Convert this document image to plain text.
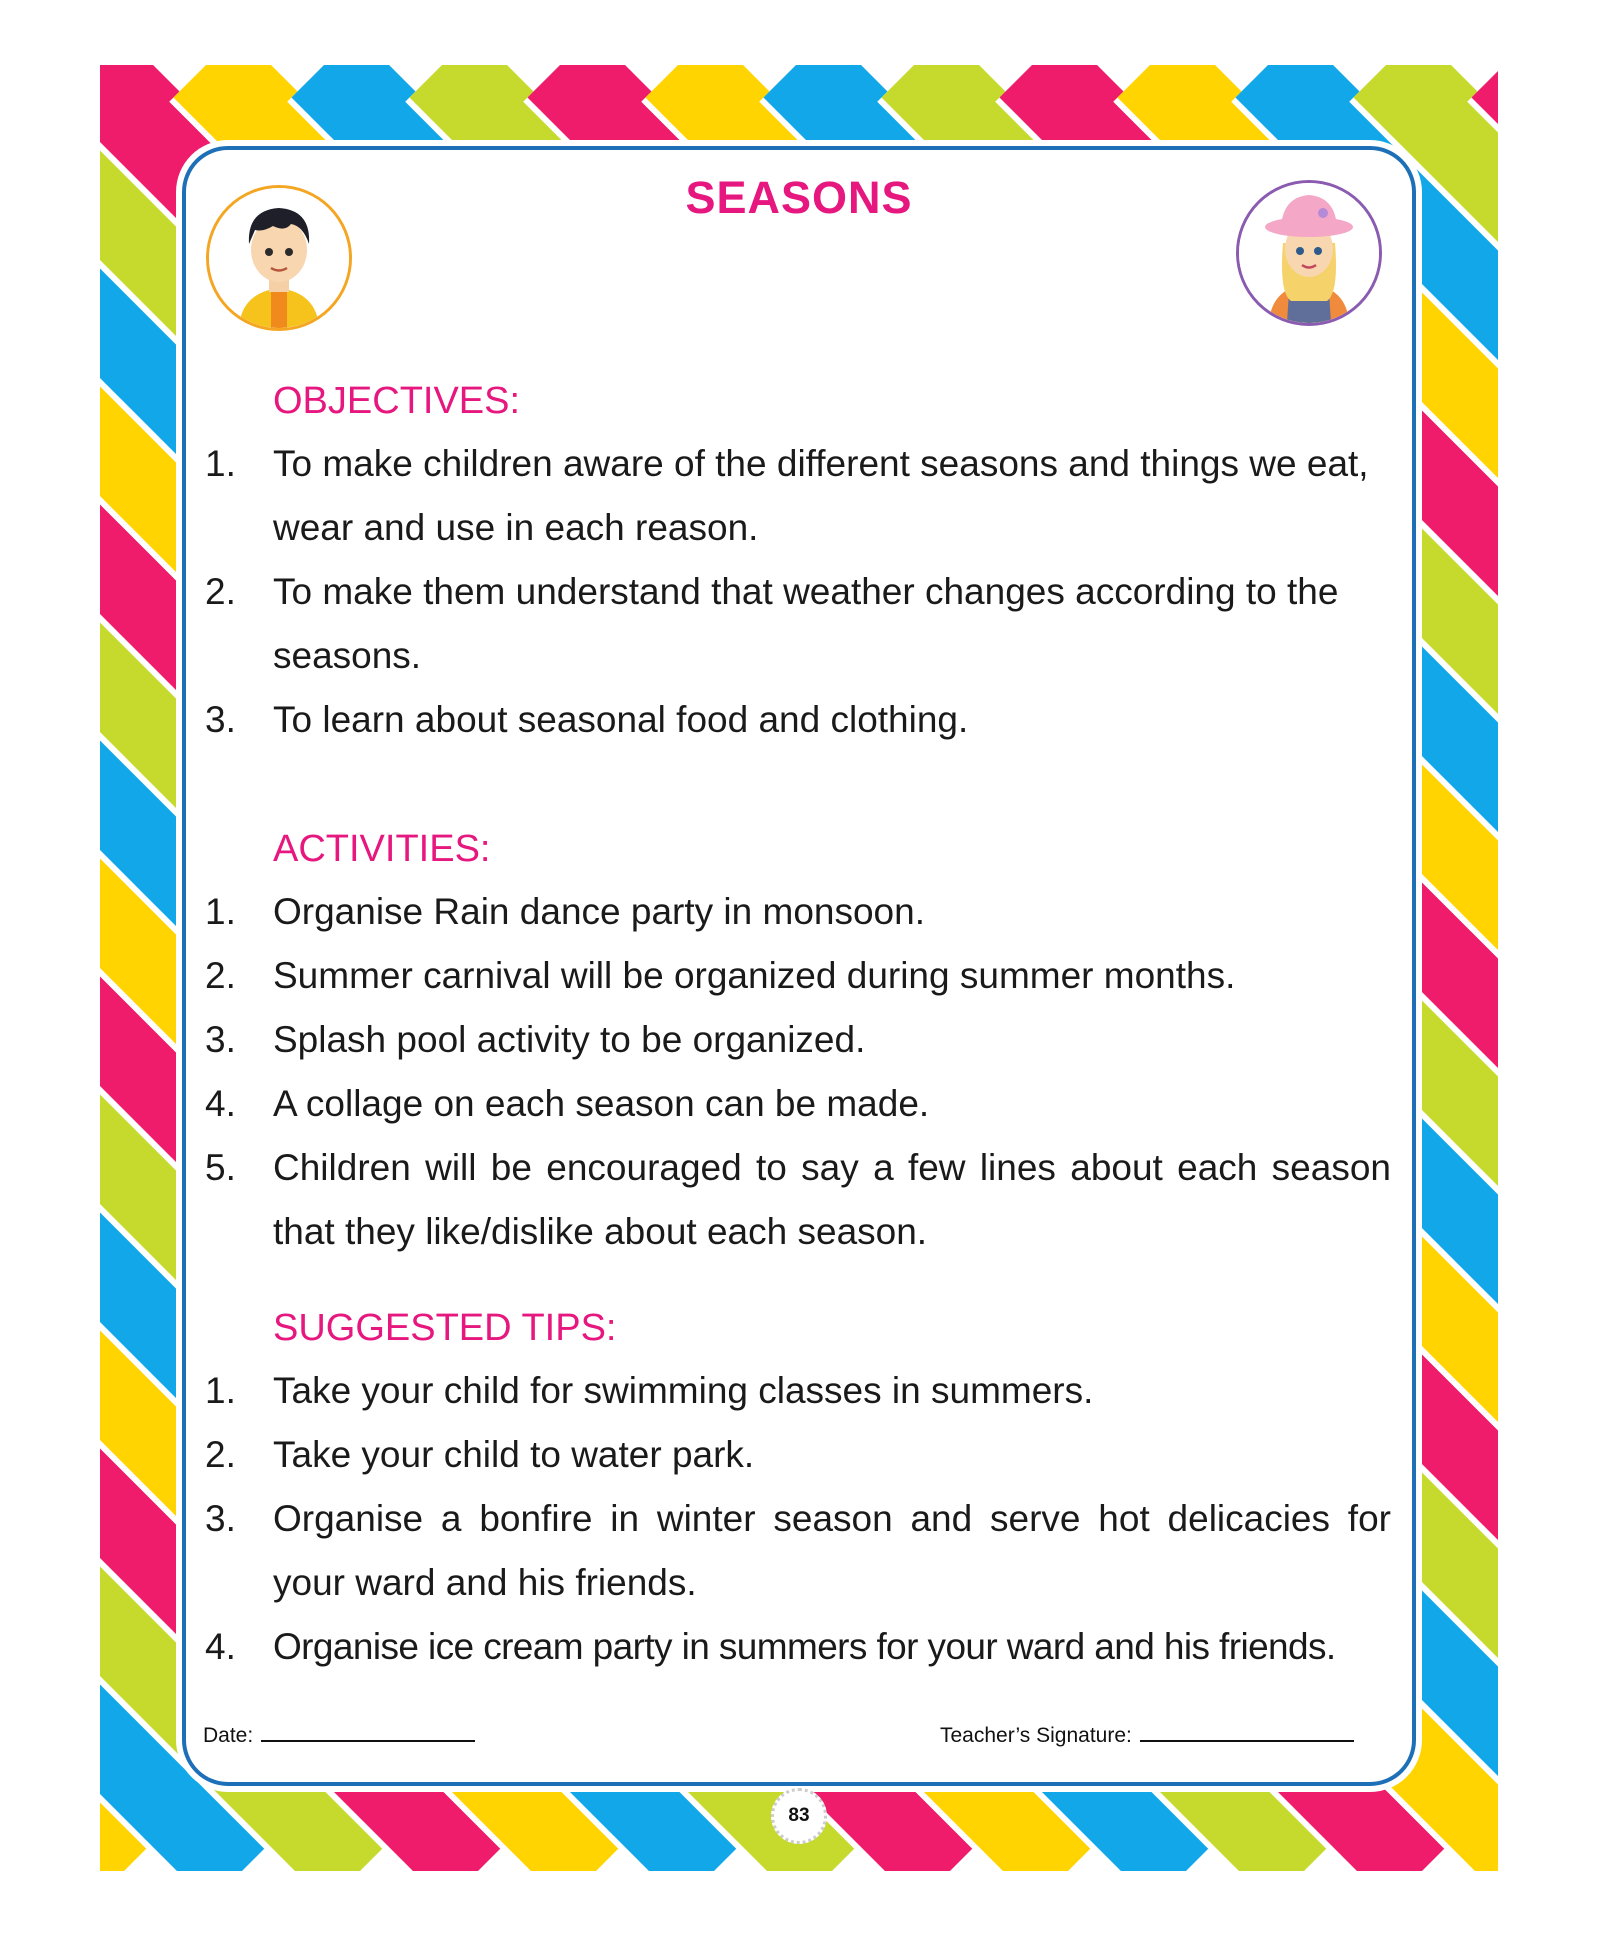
SEASONS
OBJECTIVES:
1. To make children aware of the different seasons and things we eat, wear and use in each reason.
2. To make them understand that weather changes according to the seasons.
3. To learn about seasonal food and clothing.
ACTIVITIES:
1. Organise Rain dance party in monsoon.
2. Summer carnival will be organized during summer months.
3. Splash pool activity to be organized.
4. A collage on each season can be made.
5. Children will be encouraged to say a few lines about each season that they like/dislike about each season.
SUGGESTED TIPS:
1. Take your child for swimming classes in summers.
2. Take your child to water park.
3. Organise a bonfire in winter season and serve hot delicacies for your ward and his friends.
4. Organise ice cream party in summers for your ward and his friends.
Date:	Teacher’s Signature:
83
